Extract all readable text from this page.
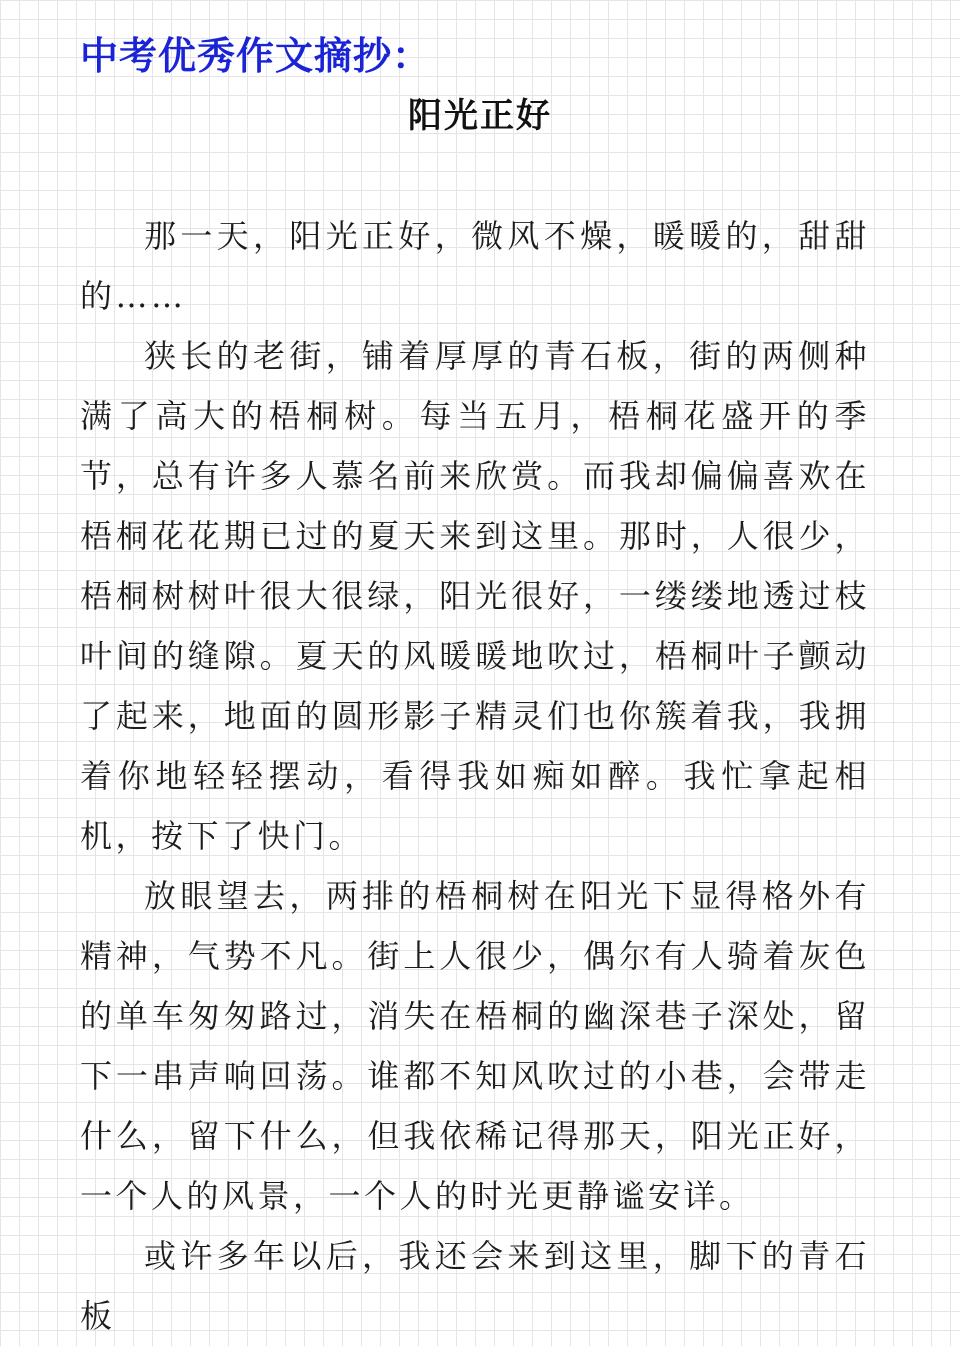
中考优秀作文摘抄：
阳光正好

那一天，阳光正好，微风不燥，暖暖的，甜甜的……

狭长的老街，铺着厚厚的青石板，街的两侧种满了高大的梧桐树。每当五月，梧桐花盛开的季节，总有许多人慕名前来欣赏。而我却偏偏喜欢在梧桐花花期已过的夏天来到这里。那时，人很少，梧桐树树叶很大很绿，阳光很好，一缕缕地透过枝叶间的缝隙。夏天的风暖暖地吹过，梧桐叶子颤动了起来，地面的圆形影子精灵们也你簇着我，我拥着你地轻轻摆动，看得我如痴如醉。我忙拿起相机，按下了快门。

放眼望去，两排的梧桐树在阳光下显得格外有精神，气势不凡。街上人很少，偶尔有人骑着灰色的单车匆匆路过，消失在梧桐的幽深巷子深处，留下一串声响回荡。谁都不知风吹过的小巷，会带走什么，留下什么，但我依稀记得那天，阳光正好，一个人的风景，一个人的时光更静谧安详。

或许多年以后，我还会来到这里，脚下的青石板
